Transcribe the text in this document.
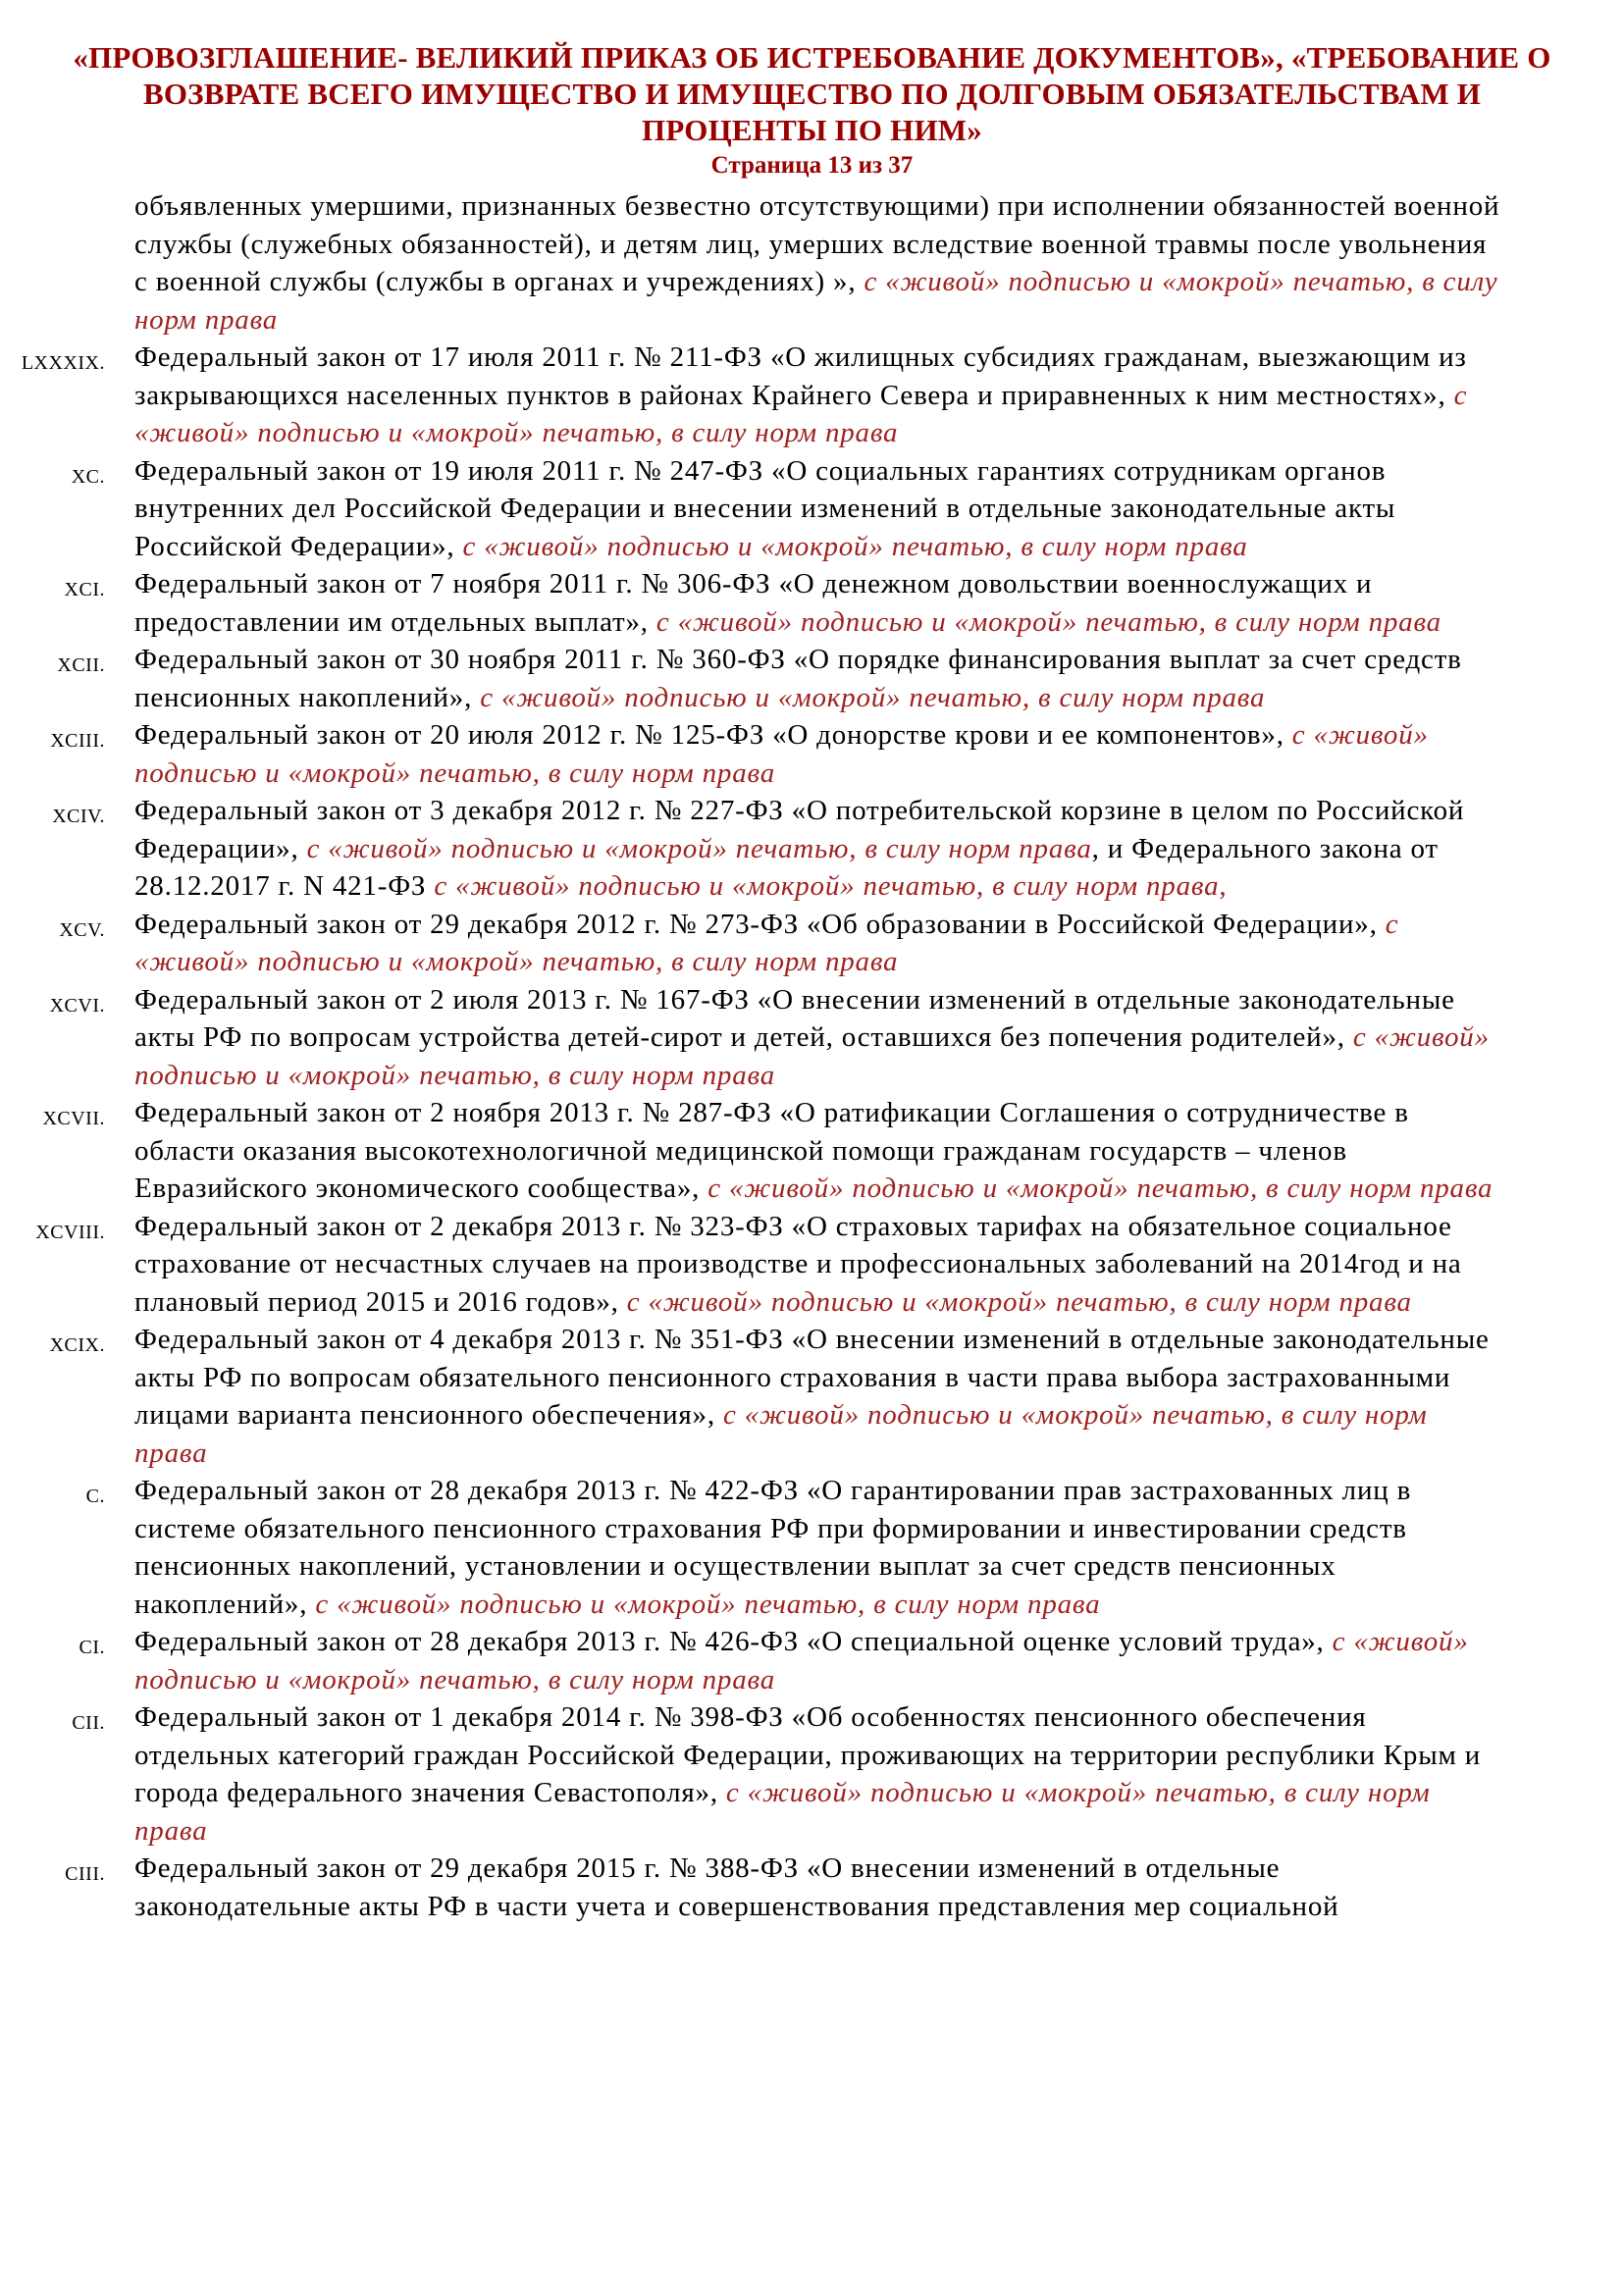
«ПРОВОЗГЛАШЕНИЕ- ВЕЛИКИЙ ПРИКАЗ ОБ ИСТРЕБОВАНИЕ ДОКУМЕНТОВ», «ТРЕБОВАНИЕ О
ВОЗВРАТЕ ВСЕГО ИМУЩЕСТВО И ИМУЩЕСТВО ПО ДОЛГОВЫМ ОБЯЗАТЕЛЬСТВАМ И
ПРОЦЕНТЫ ПО НИМ»
Страница 13 из 37
объявленных умершими, признанных безвестно отсутствующими) при исполнении обязанностей военной службы (служебных обязанностей), и детям лиц, умерших вследствие военной травмы после увольнения с военной службы (службы в органах и учреждениях) », с «живой» подписью и «мокрой» печатью, в силу норм права
LXXXIX. Федеральный закон от 17 июля 2011 г. № 211-ФЗ «О жилищных субсидиях гражданам, выезжающим из закрывающихся населенных пунктов в районах Крайнего Севера и приравненных к ним местностях», с «живой» подписью и «мокрой» печатью, в силу норм права
XC. Федеральный закон от 19 июля 2011 г. № 247-ФЗ «О социальных гарантиях сотрудникам органов внутренних дел Российской Федерации и внесении изменений в отдельные законодательные акты Российской Федерации», с «живой» подписью и «мокрой» печатью, в силу норм права
XCI. Федеральный закон от 7 ноября 2011 г. № 306-ФЗ «О денежном довольствии военнослужащих и предоставлении им отдельных выплат», с «живой» подписью и «мокрой» печатью, в силу норм права
XCII. Федеральный закон от 30 ноября 2011 г. № 360-ФЗ «О порядке финансирования выплат за счет средств пенсионных накоплений», с «живой» подписью и «мокрой» печатью, в силу норм права
XCIII. Федеральный закон от 20 июля 2012 г. № 125-ФЗ «О донорстве крови и ее компонентов», с «живой» подписью и «мокрой» печатью, в силу норм права
XCIV. Федеральный закон от 3 декабря 2012 г. № 227-ФЗ «О потребительской корзине в целом по Российской Федерации», с «живой» подписью и «мокрой» печатью, в силу норм права, и Федерального закона от 28.12.2017 г. N 421-ФЗ с «живой» подписью и «мокрой» печатью, в силу норм права,
XCV. Федеральный закон от 29 декабря 2012 г. № 273-ФЗ «Об образовании в Российской Федерации», с «живой» подписью и «мокрой» печатью, в силу норм права
XCVI. Федеральный закон от 2 июля 2013 г. № 167-ФЗ «О внесении изменений в отдельные законодательные акты РФ по вопросам устройства детей-сирот и детей, оставшихся без попечения родителей», с «живой» подписью и «мокрой» печатью, в силу норм права
XCVII. Федеральный закон от 2 ноября 2013 г. № 287-ФЗ «О ратификации Соглашения о сотрудничестве в области оказания высокотехнологичной медицинской помощи гражданам государств – членов Евразийского экономического сообщества», с «живой» подписью и «мокрой» печатью, в силу норм права
XCVIII. Федеральный закон от 2 декабря 2013 г. № 323-ФЗ «О страховых тарифах на обязательное социальное страхование от несчастных случаев на производстве и профессиональных заболеваний на 2014год и на плановый период 2015 и 2016 годов», с «живой» подписью и «мокрой» печатью, в силу норм права
XCIX. Федеральный закон от 4 декабря 2013 г. № 351-ФЗ «О внесении изменений в отдельные законодательные акты РФ по вопросам обязательного пенсионного страхования в части права выбора застрахованными лицами варианта пенсионного обеспечения», с «живой» подписью и «мокрой» печатью, в силу норм права
C. Федеральный закон от 28 декабря 2013 г. № 422-ФЗ «О гарантировании прав застрахованных лиц в системе обязательного пенсионного страхования РФ при формировании и инвестировании средств пенсионных накоплений, установлении и осуществлении выплат за счет средств пенсионных накоплений», с «живой» подписью и «мокрой» печатью, в силу норм права
CI. Федеральный закон от 28 декабря 2013 г. № 426-ФЗ «О специальной оценке условий труда», с «живой» подписью и «мокрой» печатью, в силу норм права
CII. Федеральный закон от 1 декабря 2014 г. № 398-ФЗ «Об особенностях пенсионного обеспечения отдельных категорий граждан Российской Федерации, проживающих на территории республики Крым и города федерального значения Севастополя», с «живой» подписью и «мокрой» печатью, в силу норм права
CIII. Федеральный закон от 29 декабря 2015 г. № 388-ФЗ «О внесении изменений в отдельные законодательные акты РФ в части учета и совершенствования представления мер социальной
